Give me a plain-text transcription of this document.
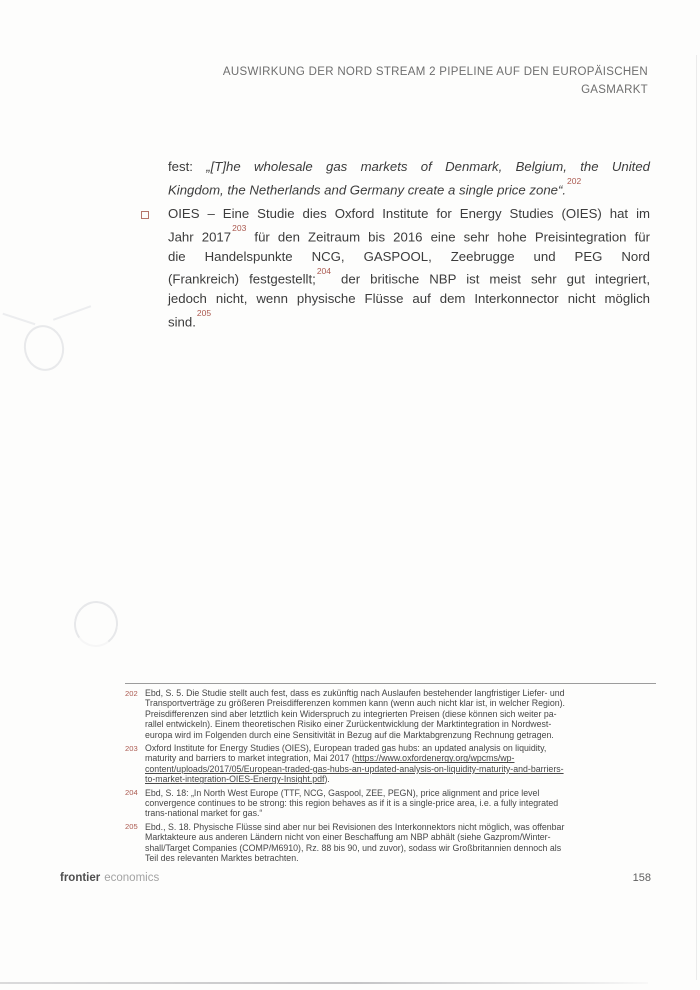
AUSWIRKUNG DER NORD STREAM 2 PIPELINE AUF DEN EUROPÄISCHEN
GASMARKT
fest: „[T]he wholesale gas markets of Denmark, Belgium, the United
Kingdom, the Netherlands and Germany create a single price zone“.$^{202}$
OIES – Eine Studie dies Oxford Institute for Energy Studies (OIES) hat im
Jahr 2017$^{203}$ für den Zeitraum bis 2016 eine sehr hohe Preisintegration für
die Handelspunkte NCG, GASPOOL, Zeebrugge und PEG Nord
(Frankreich) festgestellt;$^{204}$ der britische NBP ist meist sehr gut integriert,
jedoch nicht, wenn physische Flüsse auf dem Interkonnector nicht möglich
sind.$^{205}$
202 Ebd, S. 5. Die Studie stellt auch fest, dass es zukünftig nach Auslaufen bestehender langfristiger Liefer- und
Transportverträge zu größeren Preisdifferenzen kommen kann (wenn auch nicht klar ist, in welcher Region).
Preisdifferenzen sind aber letztlich kein Widerspruch zu integrierten Preisen (diese können sich weiter pa-
rallel entwickeln). Einem theoretischen Risiko einer Zurückentwicklung der Marktintegration in Nordwest-
europa wird im Folgenden durch eine Sensitivität in Bezug auf die Marktabgrenzung Rechnung getragen.
203 Oxford Institute for Energy Studies (OIES), European traded gas hubs: an updated analysis on liquidity,
maturity and barriers to market integration, Mai 2017 (https://www.oxfordenergy.org/wpcms/wp-
content/uploads/2017/05/European-traded-gas-hubs-an-updated-analysis-on-liquidity-maturity-and-barriers-
to-market-integration-OIES-Energy-Insight.pdf).
204 Ebd, S. 18: „In North West Europe (TTF, NCG, Gaspool, ZEE, PEGN), price alignment and price level
convergence continues to be strong: this region behaves as if it is a single-price area, i.e. a fully integrated
trans-national market for gas.“
205 Ebd., S. 18. Physische Flüsse sind aber nur bei Revisionen des Interkonnektors nicht möglich, was offenbar
Marktakteure aus anderen Ländern nicht von einer Beschaffung am NBP abhält (siehe Gazprom/Winter-
shall/Target Companies (COMP/M6910), Rz. 88 bis 90, und zuvor), sodass wir Großbritannien dennoch als
Teil des relevanten Marktes betrachten.
frontier economics	158
